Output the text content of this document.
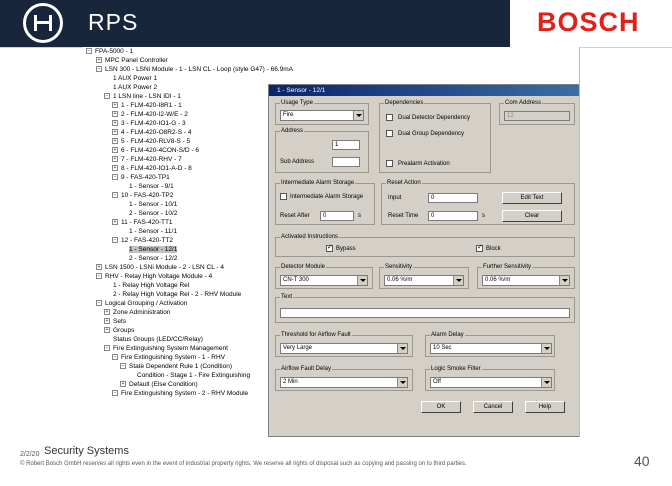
RPS	BOSCH
− FPA-5000 - 1
+ MPC Panel Controller
− LSN 300 - LSNi Module - 1 - LSN CL - Loop (style G47) - 66.9mA
1 AUX Power 1
1 AUX Power 2
− 1 LSN line - LSN IDI - 1
+ 1 - FLM-420-I8R1 - 1
+ 2 - FLM-420-I2-W/E - 2
+ 3 - FLM-420-IO1-G - 3
+ 4 - FLM-420-O8R2-S - 4
+ 5 - FLM-420-RLV8-S - 5
+ 6 - FLM-420-4CON-S/D - 6
+ 7 - FLM-420-RHV - 7
+ 8 - FLM-420-IO1-A-D - 8
− 9 - FAS-420-TP1
1 - Sensor - 9/1
− 10 - FAS-420-TP2
1 - Sensor - 10/1
2 - Sensor - 10/2
+ 11 - FAS-420-TT1
1 - Sensor - 11/1
− 12 - FAS-420-TT2
1 - Sensor - 12/1
2 - Sensor - 12/2
+ LSN 1500 - LSNi Module - 2 - LSN CL - 4
− RHV - Relay High Voltage Module - 4
1 - Relay High Voltage Rel
2 - Relay High Voltage Rel - 2 - RHV Module
− Logical Grouping / Activation
+ Zone Administration
+ Sets
+ Groups
Status Groups (LED/CC/Relay)
− Fire Extinguishing System Management
− Fire Extinguishing System - 1 - RHV
− State Dependent Rule 1 (Condition)
Condition - Stage 1 - Fire Extinguishing
+ Default (Else Condition)
− Fire Extinguishing System - 2 - RHV Module
1 - Sensor - 12/1
Usage Type
Fire
Address
1
Sub Address
Dependencies
Dual Detector Dependency
Dual Group Dependency
Prealarm Activation
Com Address
12
Intermediate Alarm Storage
Intermediate Alarm Storage
Reset After	0	s
Reset Action
Input	0	Edit Text
Reset Time	0	s	Clear
Activated Instructions
✓
Bypass
✓	Block
Detector Module
CN-T 300
Sensitivity
0.06 %/m
Further Sensitivity
0.06 %/m
Text
Threshold for Airflow Fault
Very Large
Alarm Delay
10 Sec
Airflow Fault Delay
2 Min
Logic Smoke Filter
Off
OK	Cancel	Help
2/2/20 Security Systems
© Robert Bosch GmbH reserves all rights even in the event of industrial property rights. We reserve all rights of disposal such as copying and passing on to third parties.	40
